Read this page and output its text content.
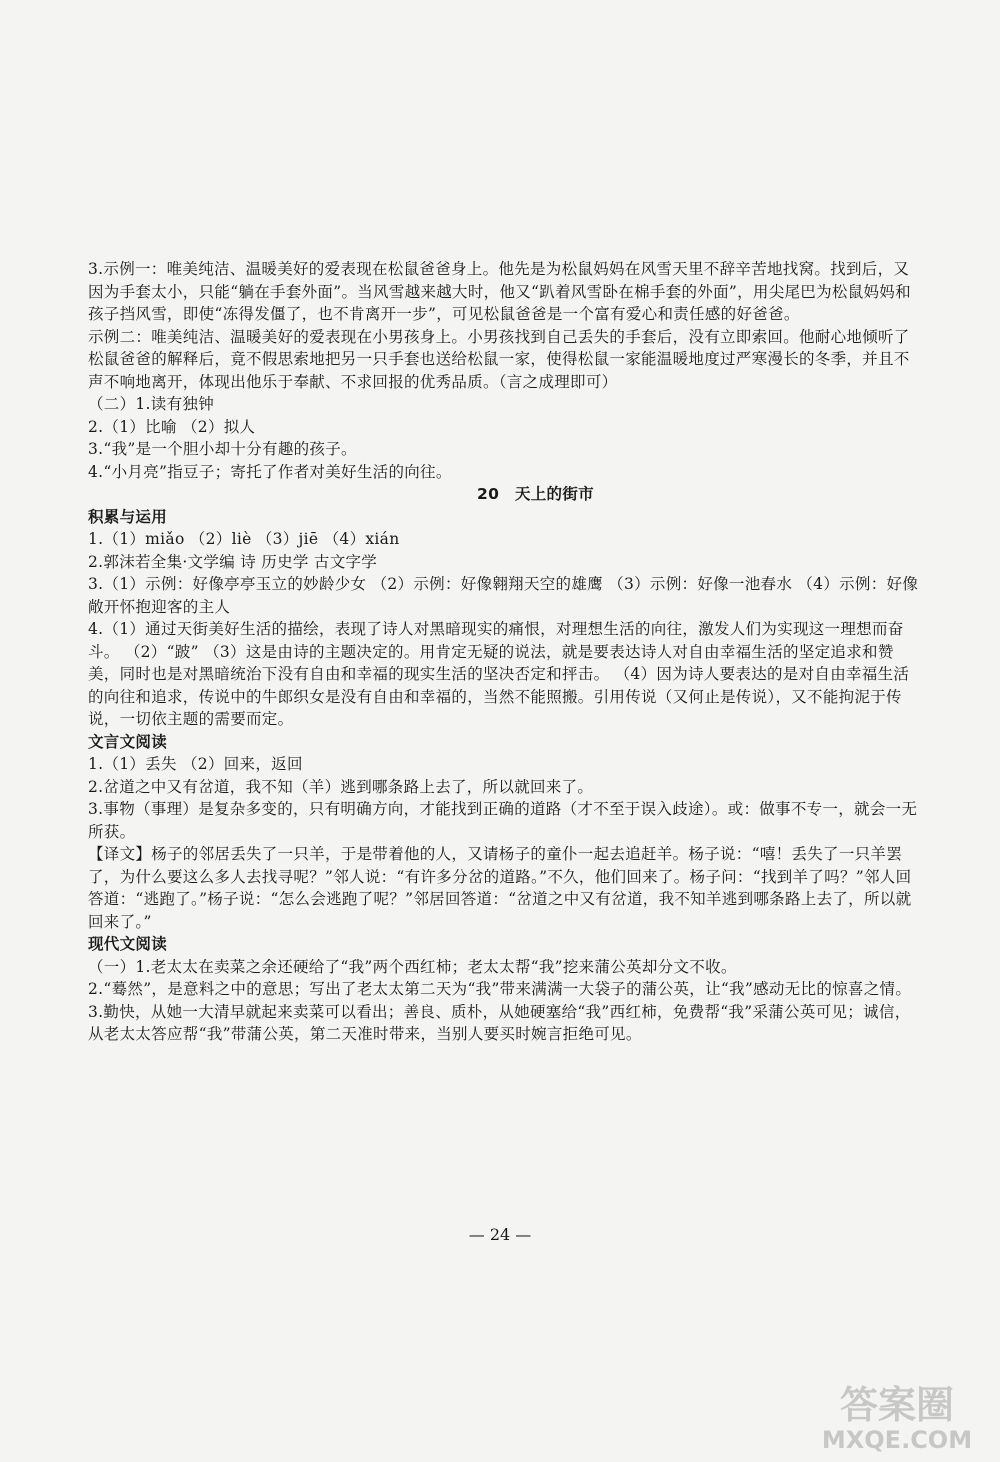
3.示例一：唯美纯洁、温暖美好的爱表现在松鼠爸爸身上。他先是为松鼠妈妈在风雪天里不辞辛苦地找窝。找到后，又因为手套太小，只能“躺在手套外面”。当风雪越来越大时，他又“趴着风雪卧在棉手套的外面”，用尖尾巴为松鼠妈妈和孩子挡风雪，即使“冻得发僵了，也不肯离开一步”，可见松鼠爸爸是一个富有爱心和责任感的好爸爸。

示例二：唯美纯洁、温暖美好的爱表现在小男孩身上。小男孩找到自己丢失的手套后，没有立即索回。他耐心地倾听了松鼠爸爸的解释后，竟不假思索地把另一只手套也送给松鼠一家，使得松鼠一家能温暖地度过严寒漫长的冬季，并且不声不响地离开，体现出他乐于奉献、不求回报的优秀品质。（言之成理即可）

（二）1.读有独钟

2.（1）比喻 （2）拟人

3.“我”是一个胆小却十分有趣的孩子。

4.“小月亮”指豆子；寄托了作者对美好生活的向往。

20 天上的街市

积累与运用

1.（1）miǎo （2）liè （3）jiē （4）xián

2.郭沫若全集·文学编 诗 历史学 古文字学

3.（1）示例：好像亭亭玉立的妙龄少女 （2）示例：好像翱翔天空的雄鹰 （3）示例：好像一池春水 （4）示例：好像敞开怀抱迎客的主人

4.（1）通过天街美好生活的描绘，表现了诗人对黑暗现实的痛恨，对理想生活的向往，激发人们为实现这一理想而奋斗。 （2）“跛” （3）这是由诗的主题决定的。用肯定无疑的说法，就是要表达诗人对自由幸福生活的坚定追求和赞美，同时也是对黑暗统治下没有自由和幸福的现实生活的坚决否定和抨击。 （4）因为诗人要表达的是对自由幸福生活的向往和追求，传说中的牛郎织女是没有自由和幸福的，当然不能照搬。引用传说（又何止是传说），又不能拘泥于传说，一切依主题的需要而定。

文言文阅读

1.（1）丢失 （2）回来，返回

2.岔道之中又有岔道，我不知（羊）逃到哪条路上去了，所以就回来了。

3.事物（事理）是复杂多变的，只有明确方向，才能找到正确的道路（才不至于误入歧途）。或：做事不专一，就会一无所获。

【译文】杨子的邻居丢失了一只羊，于是带着他的人，又请杨子的童仆一起去追赶羊。杨子说：“嘻！丢失了一只羊罢了，为什么要这么多人去找寻呢？”邻人说：“有许多分岔的道路。”不久，他们回来了。杨子问：“找到羊了吗？”邻人回答道：“逃跑了。”杨子说：“怎么会逃跑了呢？”邻居回答道：“岔道之中又有岔道，我不知羊逃到哪条路上去了，所以就回来了。”

现代文阅读

（一）1.老太太在卖菜之余还硬给了“我”两个西红柿；老太太帮“我”挖来蒲公英却分文不收。

2.“蓦然”，是意料之中的意思；写出了老太太第二天为“我”带来满满一大袋子的蒲公英，让“我”感动无比的惊喜之情。

3.勤快，从她一大清早就起来卖菜可以看出；善良、质朴，从她硬塞给“我”西红柿，免费帮“我”采蒲公英可见；诚信，从老太太答应帮“我”带蒲公英，第二天准时带来，当别人要买时婉言拒绝可见。

— 24 —
答案圈
MXQE.COM
